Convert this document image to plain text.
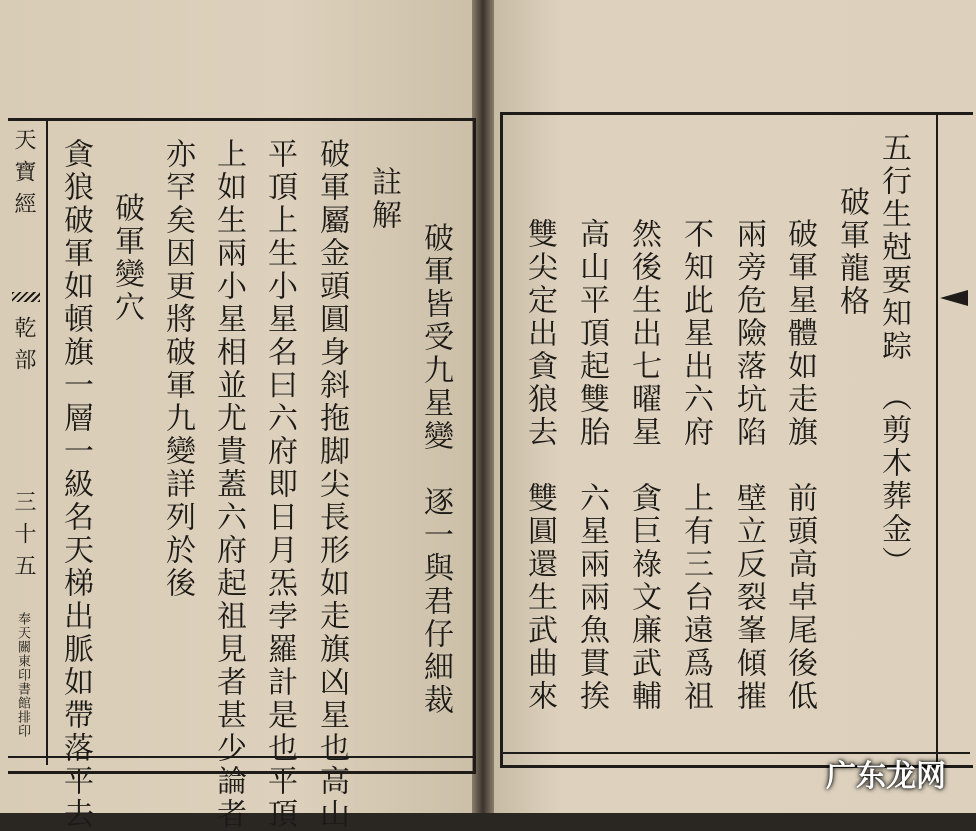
天寶經
乾部
三十五
奉天關東印書館排印	破軍皆受九星變　逐一與君仔細裁
註解
破軍屬金頭圓身斜拖脚尖長形如走旗凶星也高山
平頂上生小星名曰六府即日月炁孛羅計是也平頂
上如生兩小星相並尤貴蓋六府起祖見者甚少論者
亦罕矣因更將破軍九變詳列於後
破軍變穴
貪狼破軍如頓旗一層一級名天梯出脈如帶落平去	五行生尅要知踪　（剪木葬金）
破軍龍格
破軍星體如走旗　前頭高卓尾後低
兩旁危險落坑陷　壁立反裂峯傾摧
不知此星出六府　上有三台遠爲祖
然後生出七曜星　貪巨祿文廉武輔
高山平頂起雙胎　六星兩兩魚貫挨
雙尖定出貪狼去　雙圓還生武曲來
广东龙网
